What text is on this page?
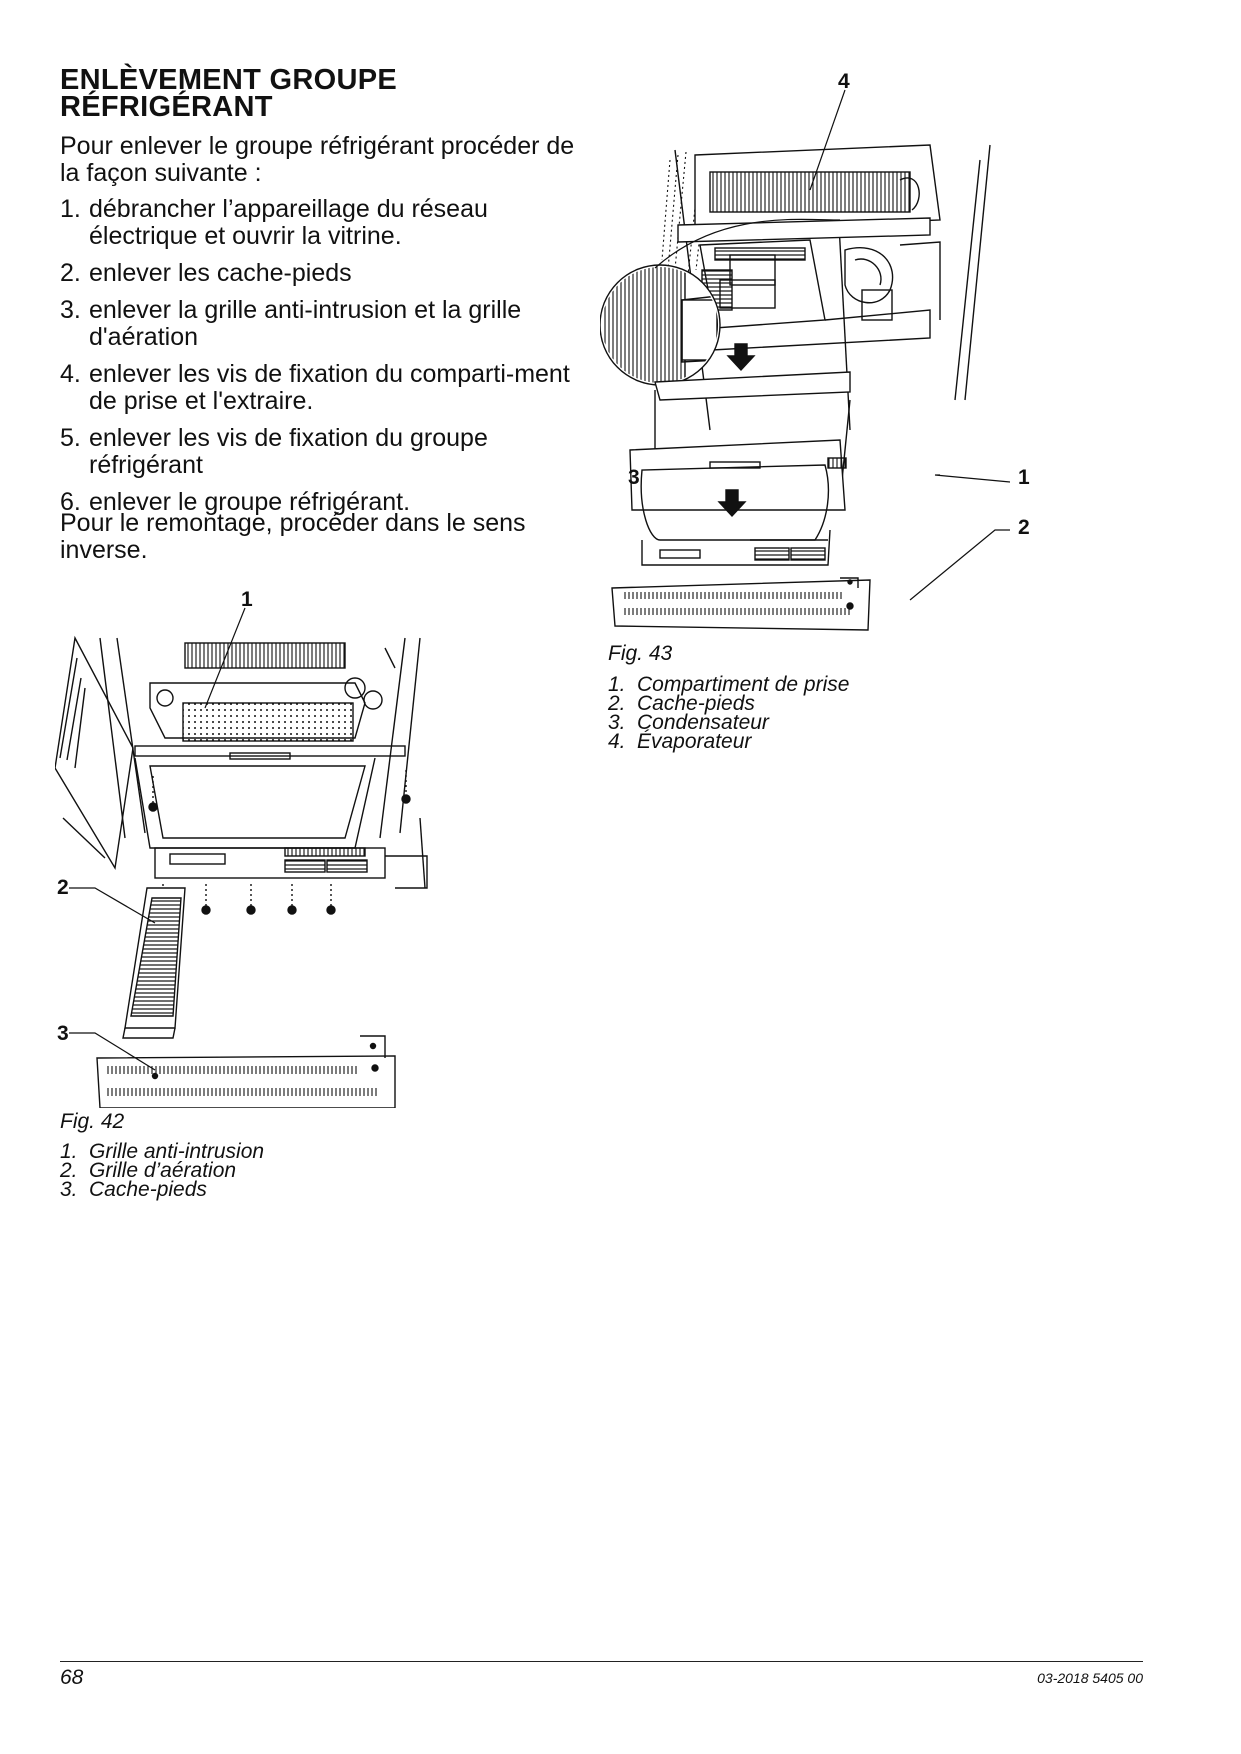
ENLÈVEMENT GROUPE
RÉFRIGÉRANT
Pour enlever le groupe réfrigérant procéder de la façon suivante :
1. débrancher l’appareillage du réseau électrique et ouvrir la vitrine.
2. enlever les cache-pieds
3. enlever la grille anti-intrusion et la grille d'aération
4. enlever les vis de fixation du comparti-ment de prise et l'extraire.
5. enlever les vis de fixation du groupe réfrigérant
6. enlever le groupe réfrigérant.
Pour le remontage, procéder dans le sens inverse.
1
2
3
Fig. 42
1. Grille anti-intrusion
2. Grille d’aération
3. Cache-pieds
4
3	1
2
Fig. 43
1. Compartiment de prise
2. Cache-pieds
3. Condensateur
4. Évaporateur
68	03-2018 5405 00
